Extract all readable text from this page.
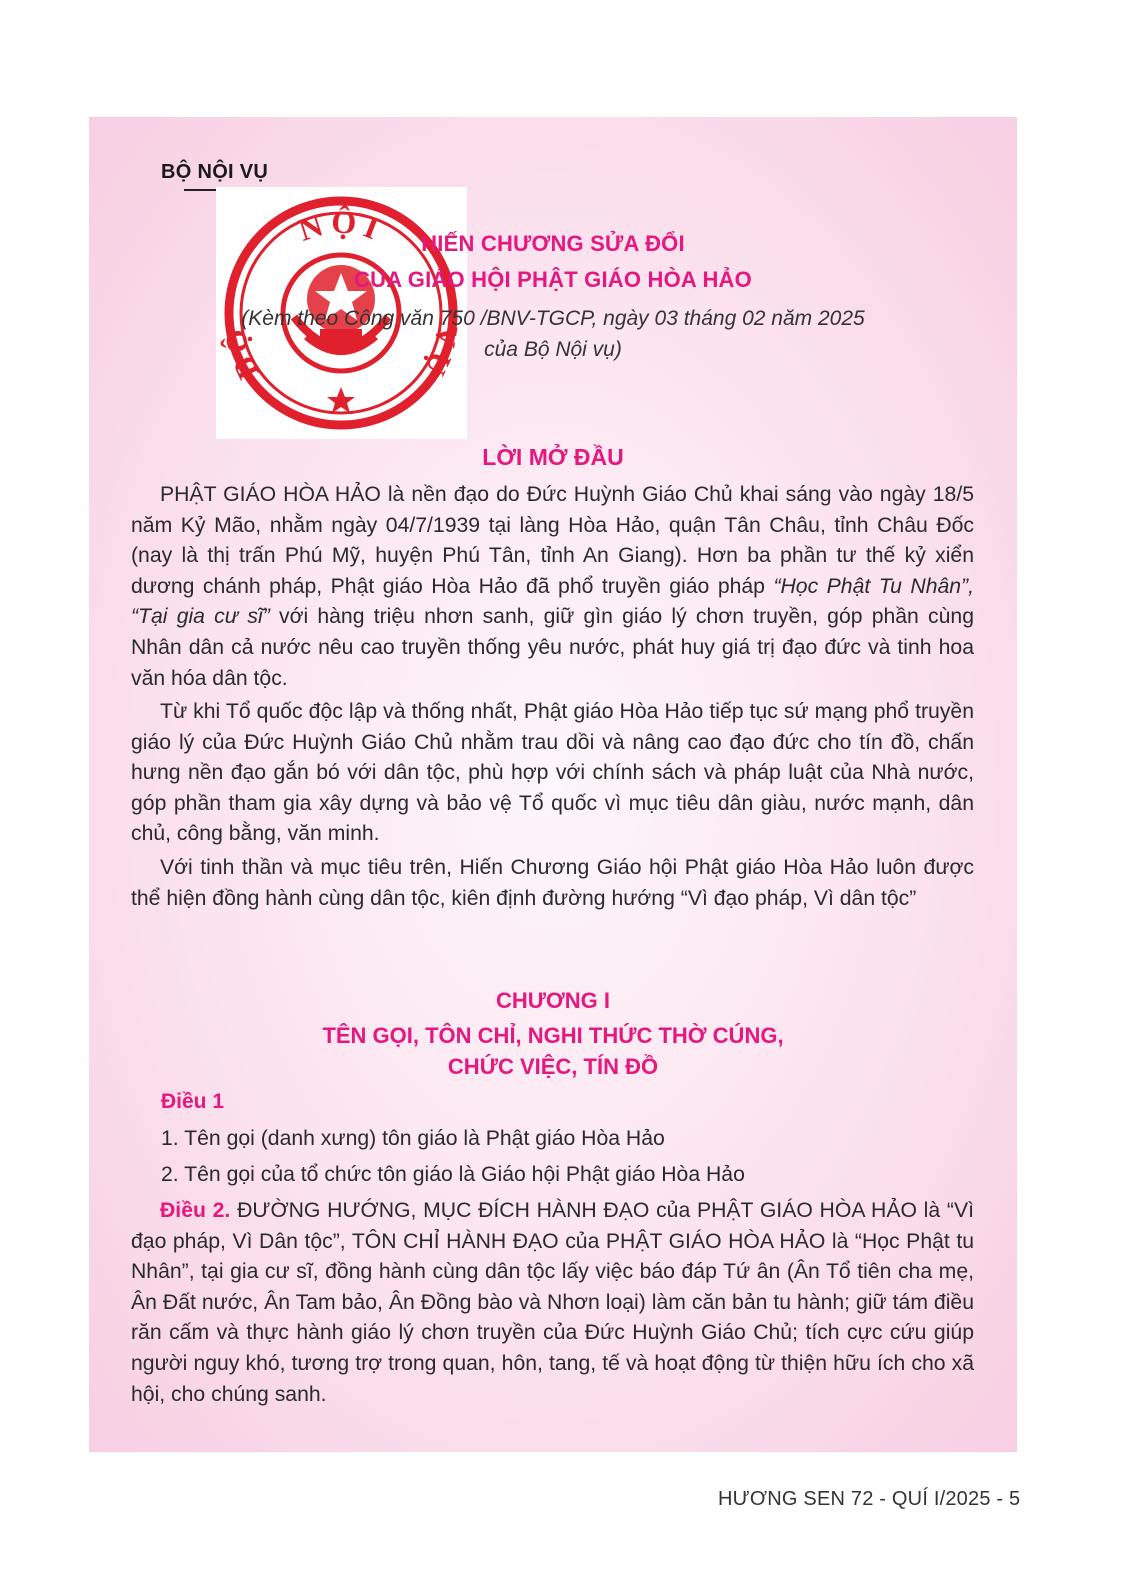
BỘ NỘI VỤ
NỘI
BỘ	VỤ
HIẾN CHƯƠNG SỬA ĐỔI
CỦA GIÁO HỘI PHẬT GIÁO HÒA HẢO
(Kèm theo Công văn 750 /BNV-TGCP, ngày 03 tháng 02 năm 2025
của Bộ Nội vụ)
LỜI MỞ ĐẦU

PHẬT GIÁO HÒA HẢO là nền đạo do Đức Huỳnh Giáo Chủ khai sáng vào ngày 18/5 năm Kỷ Mão, nhằm ngày 04/7/1939 tại làng Hòa Hảo, quận Tân Châu, tỉnh Châu Đốc (nay là thị trấn Phú Mỹ, huyện Phú Tân, tỉnh An Giang). Hơn ba phần tư thế kỷ xiển dương chánh pháp, Phật giáo Hòa Hảo đã phổ truyền giáo pháp “Học Phật Tu Nhân”, “Tại gia cư sĩ” với hàng triệu nhơn sanh, giữ gìn giáo lý chơn truyền, góp phần cùng Nhân dân cả nước nêu cao truyền thống yêu nước, phát huy giá trị đạo đức và tinh hoa văn hóa dân tộc.

Từ khi Tổ quốc độc lập và thống nhất, Phật giáo Hòa Hảo tiếp tục sứ mạng phổ truyền giáo lý của Đức Huỳnh Giáo Chủ nhằm trau dồi và nâng cao đạo đức cho tín đồ, chấn hưng nền đạo gắn bó với dân tộc, phù hợp với chính sách và pháp luật của Nhà nước, góp phần tham gia xây dựng và bảo vệ Tổ quốc vì mục tiêu dân giàu, nước mạnh, dân chủ, công bằng, văn minh.

Với tinh thần và mục tiêu trên, Hiến Chương Giáo hội Phật giáo Hòa Hảo luôn được thể hiện đồng hành cùng dân tộc, kiên định đường hướng “Vì đạo pháp, Vì dân tộc”

CHƯƠNG I
TÊN GỌI, TÔN CHỈ, NGHI THỨC THỜ CÚNG,
CHỨC VIỆC, TÍN ĐỒ
Điều 1
1. Tên gọi (danh xưng) tôn giáo là Phật giáo Hòa Hảo
2. Tên gọi của tổ chức tôn giáo là Giáo hội Phật giáo Hòa Hảo

Điều 2. ĐƯỜNG HƯỚNG, MỤC ĐÍCH HÀNH ĐẠO của PHẬT GIÁO HÒA HẢO là “Vì đạo pháp, Vì Dân tộc”, TÔN CHỈ HÀNH ĐẠO của PHẬT GIÁO HÒA HẢO là “Học Phật tu Nhân”, tại gia cư sĩ, đồng hành cùng dân tộc lấy việc báo đáp Tứ ân (Ân Tổ tiên cha mẹ, Ân Đất nước, Ân Tam bảo, Ân Đồng bào và Nhơn loại) làm căn bản tu hành; giữ tám điều răn cấm và thực hành giáo lý chơn truyền của Đức Huỳnh Giáo Chủ; tích cực cứu giúp người nguy khó, tương trợ trong quan, hôn, tang, tế và hoạt động từ thiện hữu ích cho xã hội, cho chúng sanh.

HƯƠNG SEN 72 - QUÍ I/2025 - 5
